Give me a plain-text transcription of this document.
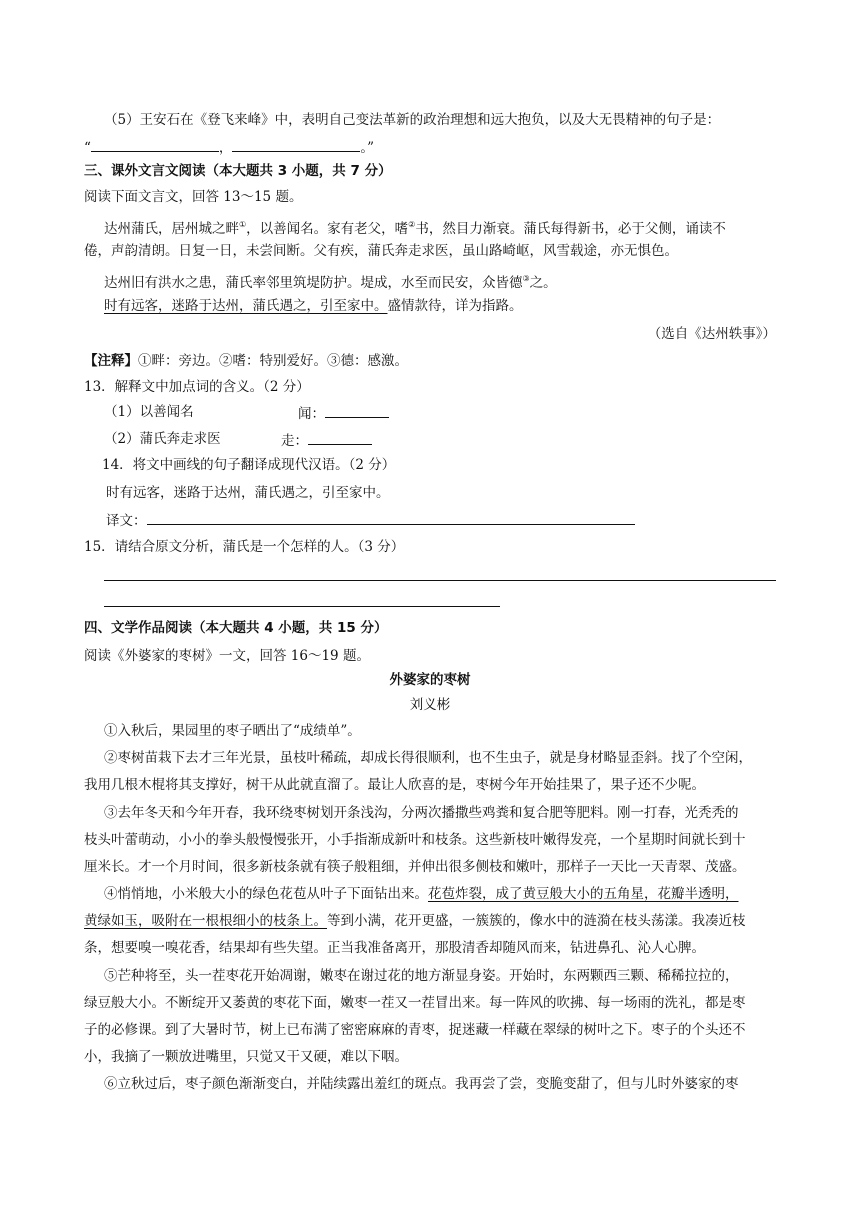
（5）王安石在《登飞来峰》中，表明自己变法革新的政治理想和远大抱负，以及大无畏精神的句子是：
“	，	。”
三、课外文言文阅读（本大题共 3 小题，共 7 分）
阅读下面文言文，回答 13～15 题。
达州蒲氏，居州城之畔①，以善闻名。家有老父，嗜②书，然目力渐衰。蒲氏每得新书，必于父侧，诵读不
倦，声韵清朗。日复一日，未尝间断。父有疾，蒲氏奔走求医，虽山路崎岖，风雪载途，亦无惧色。
达州旧有洪水之患，蒲氏率邻里筑堤防护。堤成，水至而民安，众皆德③之。
时有远客，迷路于达州，蒲氏遇之，引至家中。盛情款待，详为指路。
（选自《达州轶事》）
【注释】①畔：旁边。②嗜：特别爱好。③德：感激。
13．解释文中加点词的含义。（2 分）
（1）以善闻名	闻：
（2）蒲氏奔走求医	走：
14．将文中画线的句子翻译成现代汉语。（2 分）
时有远客，迷路于达州，蒲氏遇之，引至家中。
译文：
15．请结合原文分析，蒲氏是一个怎样的人。（3 分）
四、文学作品阅读（本大题共 4 小题，共 15 分）
阅读《外婆家的枣树》一文，回答 16～19 题。
外婆家的枣树
刘义彬
①入秋后，果园里的枣子晒出了“成绩单”。
②枣树苗栽下去才三年光景，虽枝叶稀疏，却成长得很顺利，也不生虫子，就是身材略显歪斜。找了个空闲，
我用几根木棍将其支撑好，树干从此就直溜了。最让人欣喜的是，枣树今年开始挂果了，果子还不少呢。
③去年冬天和今年开春，我环绕枣树划开条浅沟，分两次播撒些鸡粪和复合肥等肥料。刚一打春，光秃秃的
枝头叶蕾萌动，小小的拳头般慢慢张开，小手指渐成新叶和枝条。这些新枝叶嫩得发亮，一个星期时间就长到十
厘米长。才一个月时间，很多新枝条就有筷子般粗细，并伸出很多侧枝和嫩叶，那样子一天比一天青翠、茂盛。
④悄悄地，小米般大小的绿色花苞从叶子下面钻出来。花苞炸裂，成了黄豆般大小的五角星，花瓣半透明，
黄绿如玉，吸附在一根根细小的枝条上。等到小满，花开更盛，一簇簇的，像水中的涟漪在枝头荡漾。我凑近枝
条，想要嗅一嗅花香，结果却有些失望。正当我准备离开，那股清香却随风而来，钻进鼻孔、沁人心脾。
⑤芒种将至，头一茬枣花开始凋谢，嫩枣在谢过花的地方渐显身姿。开始时，东两颗西三颗、稀稀拉拉的，
绿豆般大小。不断绽开又萎黄的枣花下面，嫩枣一茬又一茬冒出来。每一阵风的吹拂、每一场雨的洗礼，都是枣
子的必修课。到了大暑时节，树上已布满了密密麻麻的青枣，捉迷藏一样藏在翠绿的树叶之下。枣子的个头还不
小，我摘了一颗放进嘴里，只觉又干又硬，难以下咽。
⑥立秋过后，枣子颜色渐渐变白，并陆续露出羞红的斑点。我再尝了尝，变脆变甜了，但与儿时外婆家的枣
